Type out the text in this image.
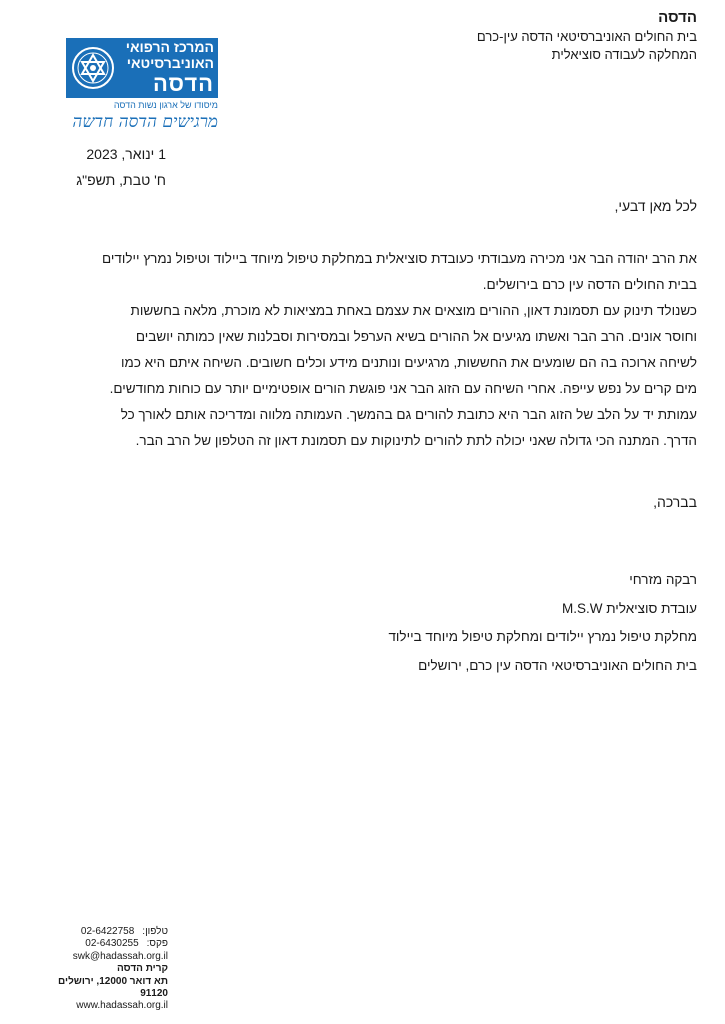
הדסה
בית החולים האוניברסיטאי הדסה עין-כרם
המחלקה לעבודה סוציאלית
המרכז הרפואי
האוניברסיטאי
הדסה
מיסודו של ארגון נשות הדסה
מרגישים הדסה חדשה
1 ינואר, 2023
ח' טבת, תשפ"ג
לכל מאן דבעי,

את הרב יהודה הבר אני מכירה מעבודתי כעובדת סוציאלית במחלקת טיפול מיוחד ביילוד וטיפול נמרץ יילודים

בבית החולים הדסה עין כרם בירושלים.

כשנולד תינוק עם תסמונת דאון, ההורים מוצאים את עצמם באחת במציאות לא מוכרת, מלאה בחששות

וחוסר אונים. הרב הבר ואשתו מגיעים אל ההורים בשיא הערפל ובמסירות וסבלנות שאין כמותה יושבים

לשיחה ארוכה בה הם שומעים את החששות, מרגיעים ונותנים מידע וכלים חשובים. השיחה איתם היא כמו

מים קרים על נפש עייפה. אחרי השיחה עם הזוג הבר אני פוגשת הורים אופטימיים יותר עם כוחות מחודשים.

עמותת יד על הלב של הזוג הבר היא כתובת להורים גם בהמשך. העמותה מלווה ומדריכה אותם לאורך כל

הדרך. המתנה הכי גדולה שאני יכולה לתת להורים לתינוקות עם תסמונת דאון זה הטלפון של הרב הבר.

בברכה,
רבקה מזרחי
עובדת סוציאלית M.S.W
מחלקת טיפול נמרץ יילודים ומחלקת טיפול מיוחד ביילוד
בית החולים האוניברסיטאי הדסה עין כרם, ירושלים
טלפון:
02-6422758
פקס:
02-6430255
swk@hadassah.org.il
קרית הדסה
תא דואר 12000, ירושלים 91120
www.hadassah.org.il
